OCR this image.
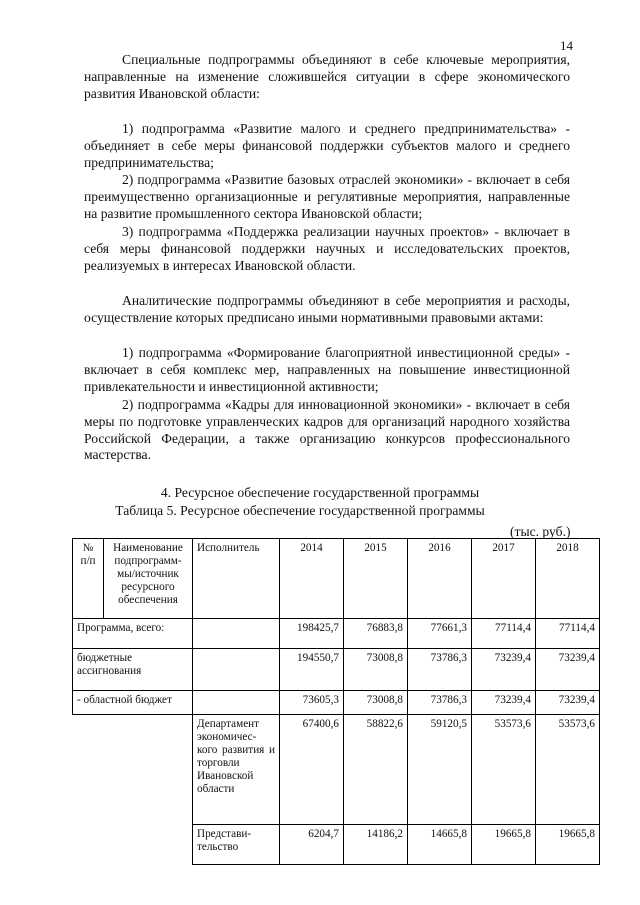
14

Специальные подпрограммы объединяют в себе ключевые мероприятия, направленные на изменение сложившейся ситуации в сфере экономического развития Ивановской области:

1) подпрограмма «Развитие малого и среднего предпринимательства» - объединяет в себе меры финансовой поддержки субъектов малого и среднего предпринимательства;

2) подпрограмма «Развитие базовых отраслей экономики» - включает в себя преимущественно организационные и регулятивные мероприятия, направленные на развитие промышленного сектора Ивановской области;

3) подпрограмма «Поддержка реализации научных проектов» - включает в себя меры финансовой поддержки научных и исследовательских проектов, реализуемых в интересах Ивановской области.

Аналитические подпрограммы объединяют в себе мероприятия и расходы, осуществление которых предписано иными нормативными правовыми актами:

1) подпрограмма «Формирование благоприятной инвестиционной среды» - включает в себя комплекс мер, направленных на повышение инвестиционной привлекательности и инвестиционной активности;

2) подпрограмма «Кадры для инновационной экономики» - включает в себя меры по подготовке управленческих кадров для организаций народного хозяйства Российской Федерации, а также организацию конкурсов профессионального мастерства.

4. Ресурсное обеспечение государственной программы
Таблица 5. Ресурсное обеспечение государственной программы
(тыс. руб.)
№ п/п	Наименование подпрограмм-мы/источник ресурсного обеспечения	Исполнитель	2014	2015	2016	2017	2018
Программа, всего:			198425,7	76883,8	77661,3	77114,4	77114,4
бюджетные ассигнования			194550,7	73008,8	73786,3	73239,4	73239,4
- областной бюджет			73605,3	73008,8	73786,3	73239,4	73239,4
		Департамент экономичес-кого развития и торговли Ивановской области	67400,6	58822,6	59120,5	53573,6	53573,6
		Представи-тельство	6204,7	14186,2	14665,8	19665,8	19665,8
